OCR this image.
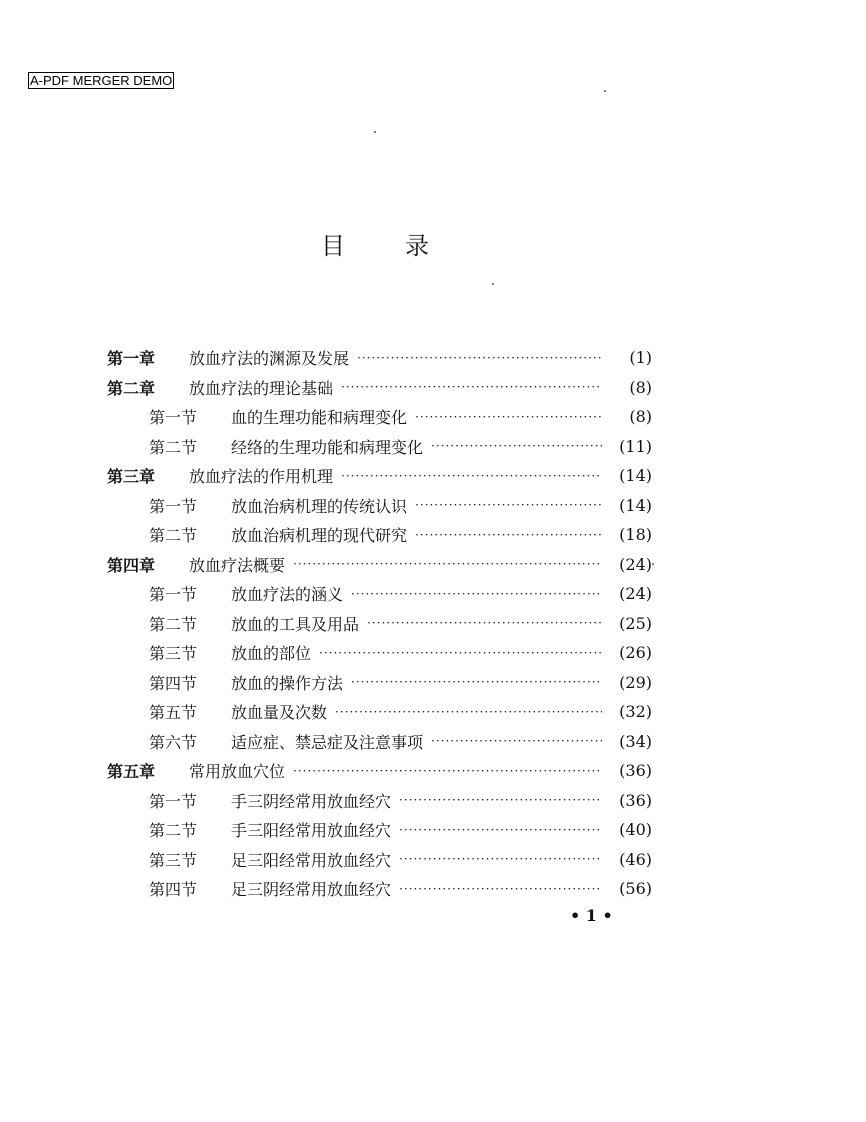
A-PDF MERGER DEMO
目	录
第一章	放血疗法的渊源及发展 ·····	(1)
第二章	放血疗法的理论基础 ·····	(8)
第一节	血的生理功能和病理变化 ·····	(8)
第二节	经络的生理功能和病理变化 ·····	(11)
第三章	放血疗法的作用机理 ·····	(14)
第一节	放血治病机理的传统认识 ·····	(14)
第二节	放血治病机理的现代研究 ·····	(18)
第四章	放血疗法概要 ·····	(24)
第一节	放血疗法的涵义 ·····	(24)
第二节	放血的工具及用品 ·····	(25)
第三节	放血的部位 ·····	(26)
第四节	放血的操作方法 ·····	(29)
第五节	放血量及次数 ·····	(32)
第六节	适应症、禁忌症及注意事项 ·····	(34)
第五章	常用放血穴位 ·····	(36)
第一节	手三阴经常用放血经穴 ·····	(36)
第二节	手三阳经常用放血经穴 ·····	(40)
第三节	足三阳经常用放血经穴 ·····	(46)
第四节	足三阴经常用放血经穴 ·····	(56)
• 1 •
